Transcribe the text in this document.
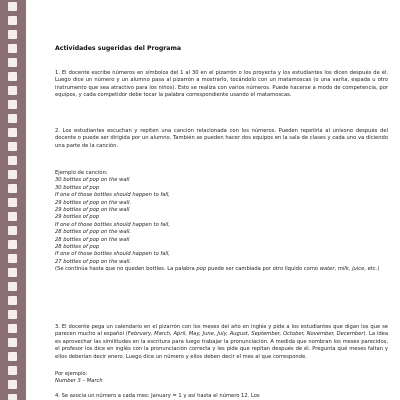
Actividades sugeridas del Programa
1. El docente escribe números en símbolos del 1 al 30 en el pizarrón o los proyecta y los estudiantes los dicen después de él. Luego dice un número y un alumno pasa al pizarrón a mostrarlo, tocándolo con un matamoscas (o una varita, espada u otro instrumento que sea atractivo para los niños). Esto se realiza con varios números. Puede hacerse a modo de competencia, por equipos, y cada competidor debe tocar la palabra correspondiente usando el matamoscas.
2. Los estudiantes escuchan y repiten una canción relacionada con los números. Pueden repetirla al unísono después del docente o puede ser dirigida por un alumno. También se pueden hacer dos equipos en la sala de clases y cada uno va diciendo una parte de la canción.
Ejemplo de canción:
30 bottles of pop on the wall
30 bottles of pop
If one of those bottles should happen to fall,
29 bottles of pop on the wall.
29 bottles of pop on the wall
29 bottles of pop
If one of those bottles should happen to fall,
28 bottles of pop on the wall.
28 bottles of pop on the wall
28 bottles of pop
If one of those bottles should happen to fall,
27 bottles of pop on the wall.
(Se continúa hasta que no queden bottles. La palabra pop puede ser cambiada por otro líquido como water, milk, juice, etc.)
3. El docente pega un calendario en el pizarrón con los meses del año en inglés y pide a los estudiantes que digan los que se parecen mucho al español (February, March, April, May, June, July, August, September, October, November, December). La idea es aprovechar las similitudes en la escritura para luego trabajar la pronunciación. A medida que nombran los meses parecidos, el profesor los dice en inglés con la pronunciación correcta y les pide que repitan después de él. Pregunta qué meses faltan y ellos deberían decir enero. Luego dice un número y ellos deben decir el mes al que corresponde.
Por ejemplo:
Number 3 – March
4. Se asocia un número a cada mes: January = 1 y así hasta el número 12. Los
